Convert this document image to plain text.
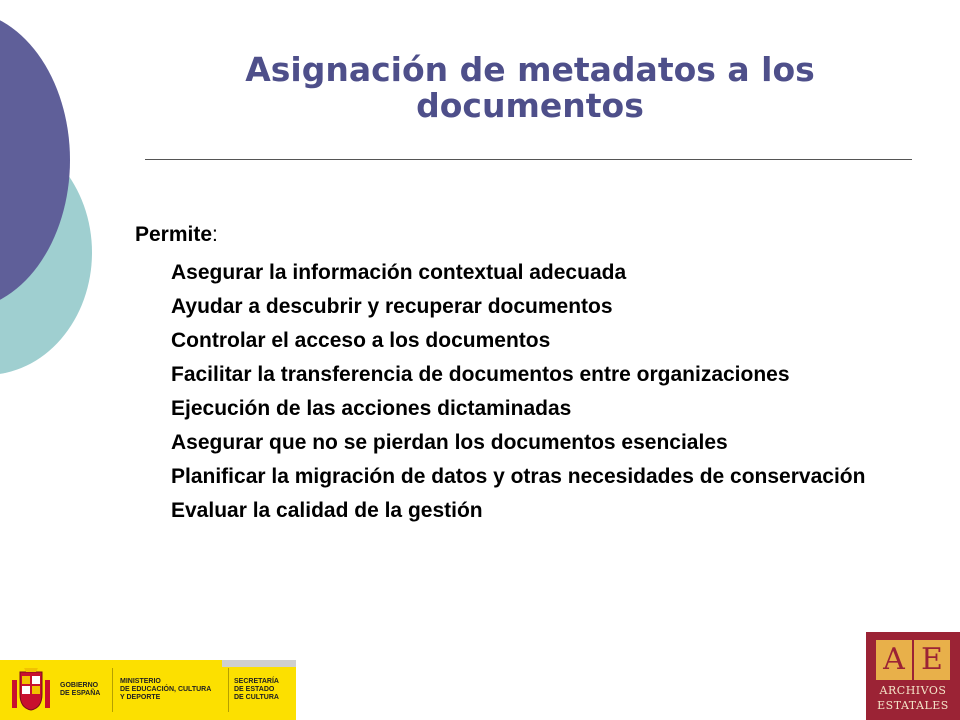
Asignación de metadatos a los documentos

Permite:

Asegurar la información contextual adecuada
Ayudar a descubrir y recuperar documentos
Controlar el acceso a los documentos
Facilitar la transferencia de documentos entre organizaciones
Ejecución de las acciones dictaminadas
Asegurar que no se pierdan los documentos esenciales
Planificar la migración de datos y otras necesidades de conservación
Evaluar la calidad de la gestión
GOBIERNO
DE ESPAÑA
MINISTERIO
DE EDUCACIÓN, CULTURA
Y DEPORTE
SECRETARÍA
DE ESTADO
DE CULTURA
A E
ARCHIVOS
ESTATALES
